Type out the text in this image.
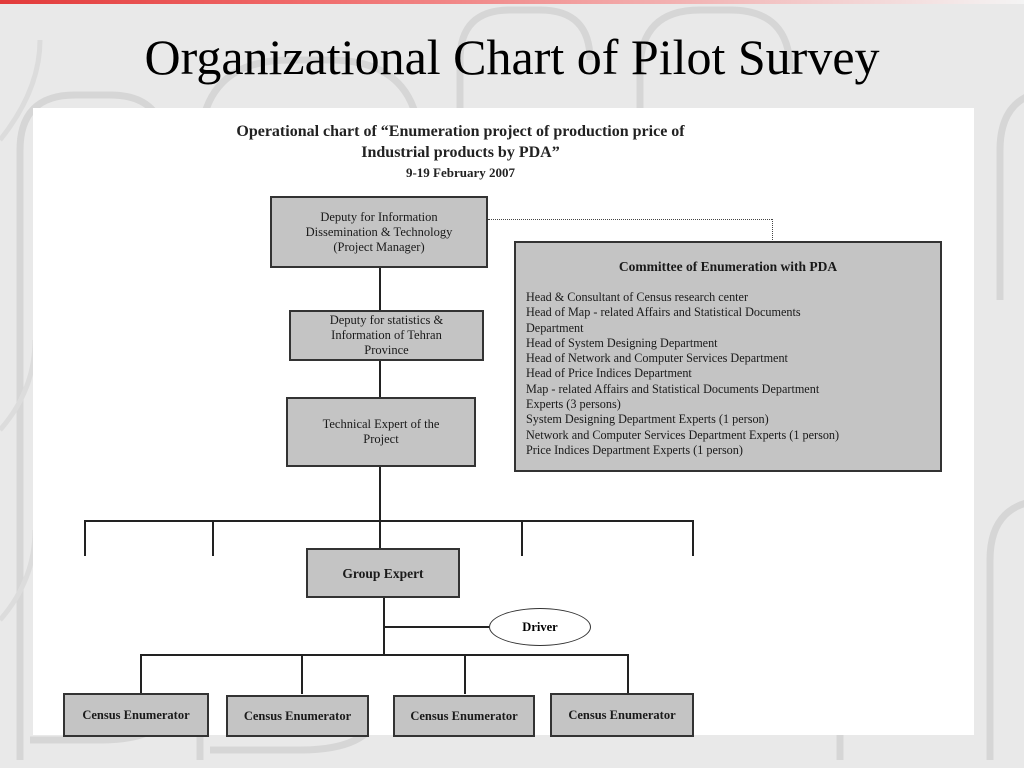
Organizational Chart of Pilot Survey
Operational chart of “Enumeration project of production price of
Industrial products by PDA”
9-19 February 2007
Deputy for Information
Dissemination & Technology
(Project Manager)
Deputy for statistics &
Information of Tehran
Province
Technical Expert of the
Project
Group Expert
Driver
Census Enumerator	Census Enumerator	Census Enumerator	Census Enumerator
Committee of Enumeration with PDA
Head & Consultant of Census research center
Head of Map - related Affairs and Statistical Documents
Department
Head of System Designing Department
Head of Network and Computer Services Department
Head of Price Indices Department
Map - related Affairs and Statistical Documents Department
Experts (3 persons)
System Designing Department Experts (1 person)
Network and Computer Services Department Experts (1 person)
Price Indices Department Experts (1 person)
